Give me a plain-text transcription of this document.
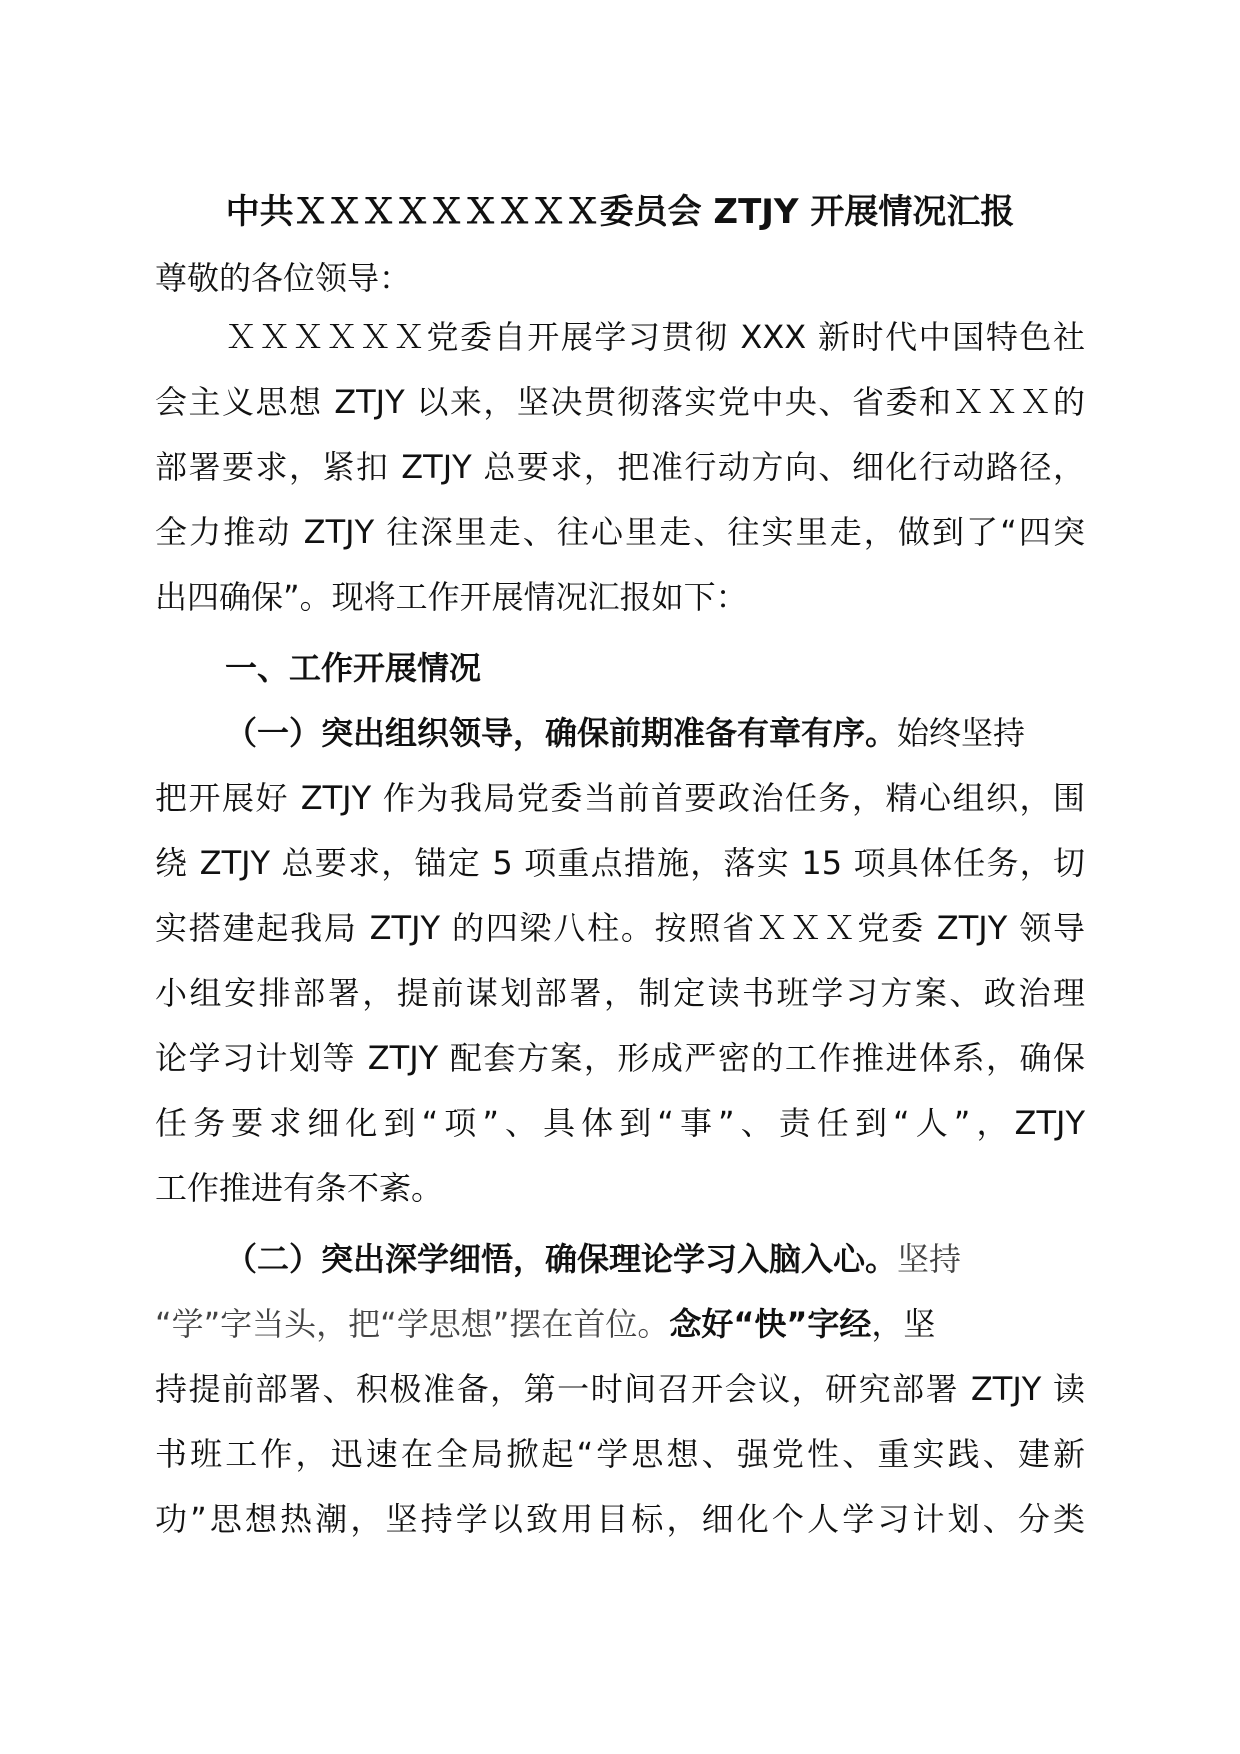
中共ＸＸＸＸＸＸＸＸＸ委员会 ZTJY 开展情况汇报
尊敬的各位领导：
ＸＸＸＸＸＸ党委自开展学习贯彻 XXX 新时代中国特色社
会主义思想 ZTJY 以来，坚决贯彻落实党中央、省委和ＸＸＸ的
部署要求，紧扣 ZTJY 总要求，把准行动方向、细化行动路径，
全力推动 ZTJY 往深里走、往心里走、往实里走，做到了“四突
出四确保”。现将工作开展情况汇报如下：
一、工作开展情况
（一）突出组织领导，确保前期准备有章有序。始终坚持
把开展好 ZTJY 作为我局党委当前首要政治任务，精心组织，围
绕 ZTJY 总要求，锚定 5 项重点措施，落实 15 项具体任务，切
实搭建起我局 ZTJY 的四梁八柱。按照省ＸＸＸ党委 ZTJY 领导
小组安排部署，提前谋划部署，制定读书班学习方案、政治理
论学习计划等 ZTJY 配套方案，形成严密的工作推进体系，确保
任务要求细化到“项”、具体到“事”、责任到“人”，ZTJY
工作推进有条不紊。
（二）突出深学细悟，确保理论学习入脑入心。坚持
“学”字当头，把“学思想”摆在首位。念好“快”字经，坚
持提前部署、积极准备，第一时间召开会议，研究部署 ZTJY 读
书班工作，迅速在全局掀起“学思想、强党性、重实践、建新
功”思想热潮，坚持学以致用目标，细化个人学习计划、分类
